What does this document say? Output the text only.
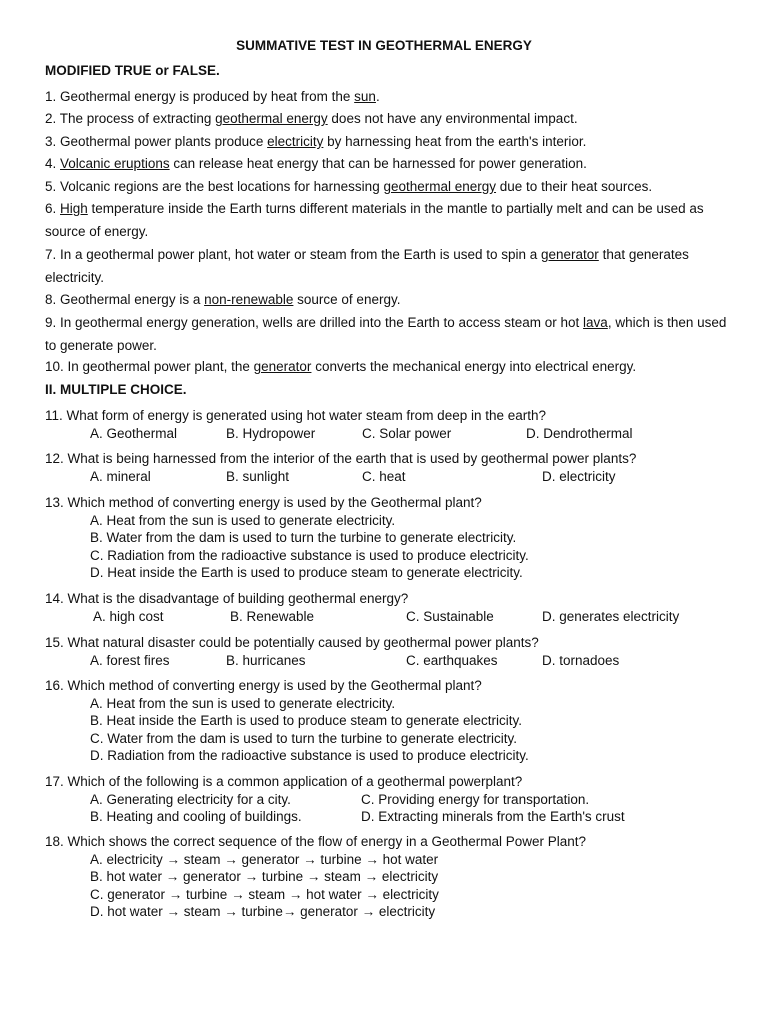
SUMMATIVE TEST IN GEOTHERMAL ENERGY
MODIFIED TRUE or FALSE.

1. Geothermal energy is produced by heat from the sun.

2. The process of extracting geothermal energy does not have any environmental impact.

3. Geothermal power plants produce electricity by harnessing heat from the earth's interior.

4. Volcanic eruptions can release heat energy that can be harnessed for power generation.

5. Volcanic regions are the best locations for harnessing geothermal energy due to their heat sources.

6. High temperature inside the Earth turns different materials in the mantle to partially melt and can be used as source of energy.

7. In a geothermal power plant, hot water or steam from the Earth is used to spin a generator that generates electricity.

8. Geothermal energy is a non-renewable source of energy.

9. In geothermal energy generation, wells are drilled into the Earth to access steam or hot lava, which is then used to generate power.

10. In geothermal power plant, the generator converts the mechanical energy into electrical energy.

II. MULTIPLE CHOICE.
11. What form of energy is generated using hot water steam from deep in the earth?
A. Geothermal	B. Hydropower	C. Solar power	D. Dendrothermal
12. What is being harnessed from the interior of the earth that is used by geothermal power plants?
A. mineral	B. sunlight	C. heat	D. electricity
13. Which method of converting energy is used by the Geothermal plant?
A. Heat from the sun is used to generate electricity.
B. Water from the dam is used to turn the turbine to generate electricity.
C. Radiation from the radioactive substance is used to produce electricity.
D. Heat inside the Earth is used to produce steam to generate electricity.
14. What is the disadvantage of building geothermal energy?
A. high cost	B. Renewable	C. Sustainable	D. generates electricity
15. What natural disaster could be potentially caused by geothermal power plants?
A. forest fires	B. hurricanes	C. earthquakes	D. tornadoes
16. Which method of converting energy is used by the Geothermal plant?
A. Heat from the sun is used to generate electricity.
B. Heat inside the Earth is used to produce steam to generate electricity.
C. Water from the dam is used to turn the turbine to generate electricity.
D. Radiation from the radioactive substance is used to produce electricity.
17. Which of the following is a common application of a geothermal powerplant?
A. Generating electricity for a city.	C. Providing energy for transportation.
B. Heating and cooling of buildings.	D. Extracting minerals from the Earth's crust
18. Which shows the correct sequence of the flow of energy in a Geothermal Power Plant?
A. electricity → steam → generator → turbine → hot water
B. hot water → generator → turbine → steam → electricity
C. generator → turbine → steam → hot water → electricity
D. hot water → steam → turbine→ generator → electricity
